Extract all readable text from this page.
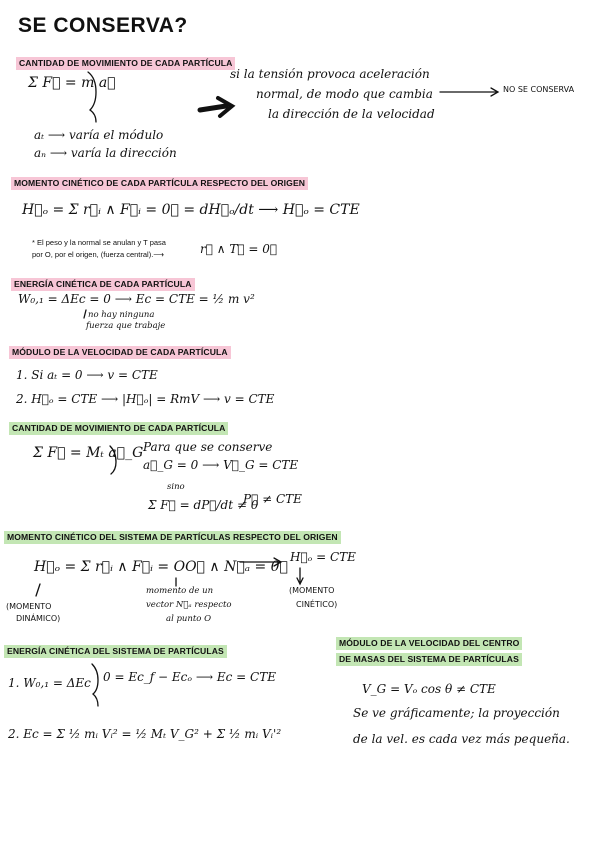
SE CONSERVA?
CANTIDAD DE MOVIMIENTO DE CADA PARTÍCULA
Σ F⃗ = m a⃗
aₜ ⟶ varía el módulo
aₙ ⟶ varía la dirección
si la tensión provoca aceleración
normal, de modo que cambia
la dirección de la velocidad
NO SE CONSERVA
MOMENTO CINÉTICO DE CADA PARTÍCULA RESPECTO DEL ORIGEN
H⃗ₒ = Σ r⃗ᵢ ∧ F⃗ᵢ = 0⃗ = dH⃗ₒ/dt ⟶ H⃗ₒ = CTE
* El peso y la normal se anulan y T pasa
por O, por el origen, (fuerza central).⟶	r⃗ ∧ T⃗ = 0⃗
ENERGÍA CINÉTICA DE CADA PARTÍCULA
W₀,₁ = ΔEc = 0 ⟶ Ec = CTE = ½ m v²
no hay ninguna
fuerza que trabaje
MÓDULO DE LA VELOCIDAD DE CADA PARTÍCULA
1. Si aₜ = 0 ⟶ v = CTE
2. H⃗ₒ = CTE ⟶ |H⃗ₒ| = RmV ⟶ v = CTE
CANTIDAD DE MOVIMIENTO DE CADA PARTÍCULA
Σ F⃗ = Mₜ a⃗_G Para que se conserve
a⃗_G = 0 ⟶ V⃗_G = CTE
sino
Σ F⃗ = dP⃗/dt ≠ 0
P⃗ ≠ CTE
MOMENTO CINÉTICO DEL SISTEMA DE PARTÍCULAS RESPECTO DEL ORIGEN
H⃗ₒ = Σ r⃗ᵢ ∧ F⃗ᵢ = OO⃗ ∧ N⃗ₐ = 0⃗
H⃗ₒ = CTE
(MOMENTO
DINÁMICO)
momento de un
vector N⃗ₐ respecto
al punto O
(MOMENTO
CINÉTICO)
ENERGÍA CINÉTICA DEL SISTEMA DE PARTÍCULAS
1. W₀,₁ = ΔEc 0 = Ec_f − Ecₒ ⟶ Ec = CTE
2. Ec = Σ ½ mᵢ Vᵢ² = ½ Mₜ V_G² + Σ ½ mᵢ Vᵢ'²
MÓDULO DE LA VELOCIDAD DEL CENTRO
DE MASAS DEL SISTEMA DE PARTÍCULAS
V_G = Vₒ cos θ ≠ CTE
Se ve gráficamente; la proyección
de la vel. es cada vez más pequeña.
